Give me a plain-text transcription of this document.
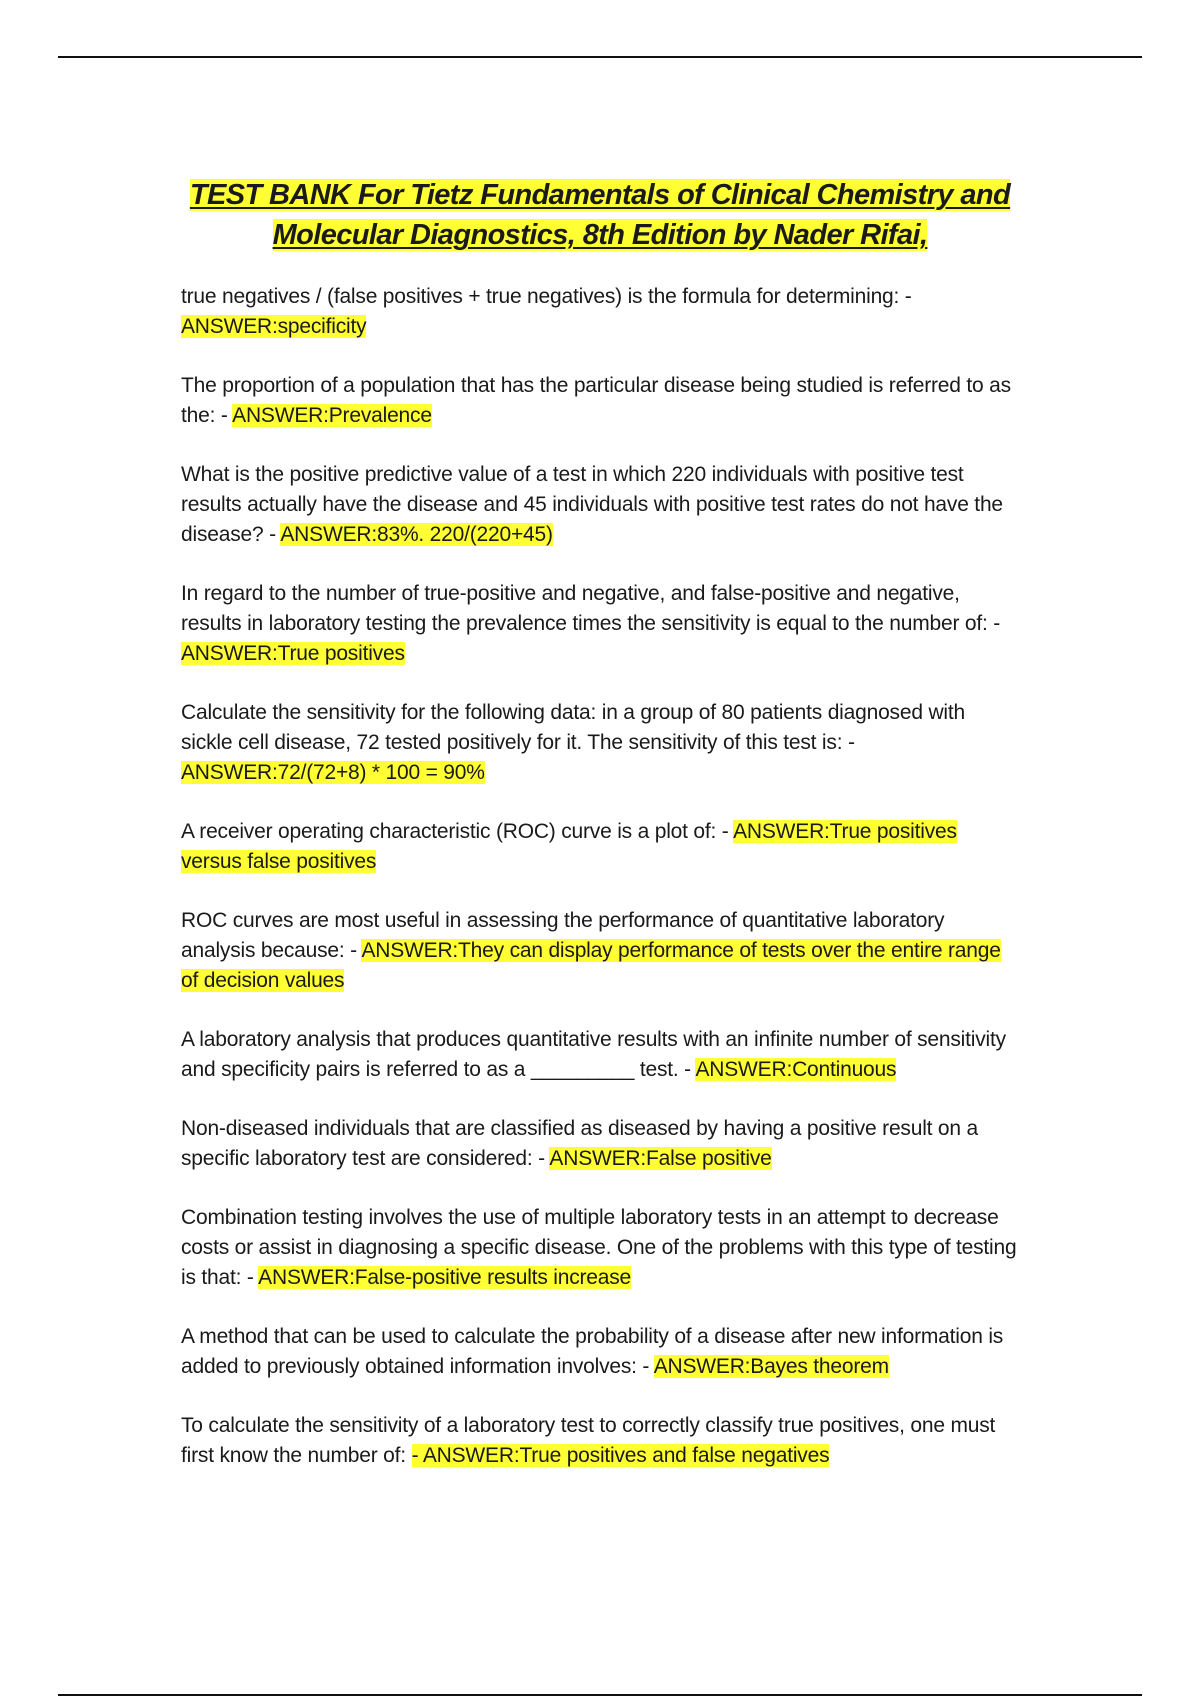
TEST BANK For Tietz Fundamentals of Clinical Chemistry and Molecular Diagnostics, 8th Edition by Nader Rifai,

true negatives / (false positives + true negatives) is the formula for determining: - ANSWER:specificity

The proportion of a population that has the particular disease being studied is referred to as the: - ANSWER:Prevalence

What is the positive predictive value of a test in which 220 individuals with positive test results actually have the disease and 45 individuals with positive test rates do not have the disease? - ANSWER:83%. 220/(220+45)

In regard to the number of true-positive and negative, and false-positive and negative, results in laboratory testing the prevalence times the sensitivity is equal to the number of: - ANSWER:True positives

Calculate the sensitivity for the following data: in a group of 80 patients diagnosed with sickle cell disease, 72 tested positively for it. The sensitivity of this test is: - ANSWER:72/(72+8) * 100 = 90%

A receiver operating characteristic (ROC) curve is a plot of: - ANSWER:True positives versus false positives

ROC curves are most useful in assessing the performance of quantitative laboratory analysis because: - ANSWER:They can display performance of tests over the entire range of decision values

A laboratory analysis that produces quantitative results with an infinite number of sensitivity and specificity pairs is referred to as a _________ test. - ANSWER:Continuous

Non-diseased individuals that are classified as diseased by having a positive result on a specific laboratory test are considered: - ANSWER:False positive

Combination testing involves the use of multiple laboratory tests in an attempt to decrease costs or assist in diagnosing a specific disease. One of the problems with this type of testing is that: - ANSWER:False-positive results increase

A method that can be used to calculate the probability of a disease after new information is added to previously obtained information involves: - ANSWER:Bayes theorem

To calculate the sensitivity of a laboratory test to correctly classify true positives, one must first know the number of: - ANSWER:True positives and false negatives
